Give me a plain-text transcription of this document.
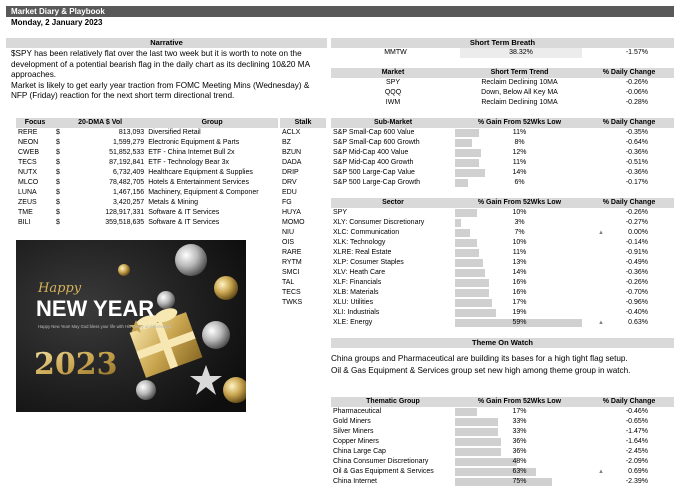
Market Diary & Playbook
Monday, 2 January 2023
Narrative

$SPY has been relatively flat over the last two week but it is worth to note on the development of a potential bearish flag in the daily chart as its declining 10&20 MA approaches.

Market is likely to get early year traction from FOMC Meeting Mins (Wednesday) & NFP (Friday) reaction for the next short term directional trend.

Focus	20-DMA $ Vol		Group
RERE	$	813,093	Diversified Retail
NEON	$	1,599,279	Electronic Equipment & Parts
CWEB	$	51,852,533	ETF - China Internet Bull 2x
TECS	$	87,192,841	ETF - Technology Bear 3x
NUTX	$	6,732,409	Healthcare Equipment & Supplies
MLCO	$	78,482,705	Hotels & Entertainment Services
LUNA	$	1,467,156	Machinery, Equipment & Componer
ZEUS	$	3,420,257	Metals & Mining
TME	$	128,917,331	Software & IT Services
BILI	$	359,518,635	Software & IT Services
Stalk
ACLX
BZ
BZUN
DADA
DRIP
DRV
EDU
FG
HUYA
MOMO
NIU
OIS
RARE
RYTM
SMCI
TAL
TECS
TWKS
Happy
NEW YEAR
Happy New Year! May God bless your life with His mercy and blessings!
2023
Short Term Breath
MMTW	38.32%	-1.57%
Market	Short Term Trend	% Daily Change
SPY	Reclaim Declining 10MA	-0.26%
QQQ	Down, Below All Key MA	-0.06%
IWM	Reclaim Declining 10MA	-0.28%
Sub-Market	% Gain From 52Wks Low	% Daily Change
S&P Small-Cap 600 Value	11%	-0.35%
S&P Small-Cap 600 Growth	8%	-0.64%
S&P Mid-Cap 400 Value	12%	-0.36%
S&P Mid-Cap 400 Growth	11%	-0.51%
S&P 500 Large-Cap Value	14%	-0.36%
S&P 500 Large-Cap Growth	6%	-0.17%
Sector	% Gain From 52Wks Low	% Daily Change
SPY	10%	-0.26%
XLY: Consumer Discretionary	3%	-0.27%
XLC: Communication	7%	▲ 0.00%
XLK: Technology	10%	-0.14%
XLRE: Real Estate	11%	-0.91%
XLP: Cosumer Staples	13%	-0.49%
XLV: Heath Care	14%	-0.36%
XLF: Financials	16%	-0.26%
XLB: Materials	16%	-0.70%
XLU: Utilities	17%	-0.96%
XLI: Industrials	19%	-0.40%
XLE: Energy	59%	▲ 0.63%
Theme On Watch
China groups and Pharmaceutical are building its bases for a high tight flag setup.
Oil & Gas Equipment & Services group set new high among theme group in watch.
Thematic Group	% Gain From 52Wks Low	% Daily Change
Pharmaceutical	17%	-0.46%
Gold Miners	33%	-0.65%
Silver Miners	33%	-1.47%
Copper Miners	36%	-1.64%
China Large Cap	36%	-2.45%
China Consumer Discretionary	48%	-2.09%
Oil & Gas Equipment & Services	63%	▲ 0.69%
China Internet	75%	-2.39%
